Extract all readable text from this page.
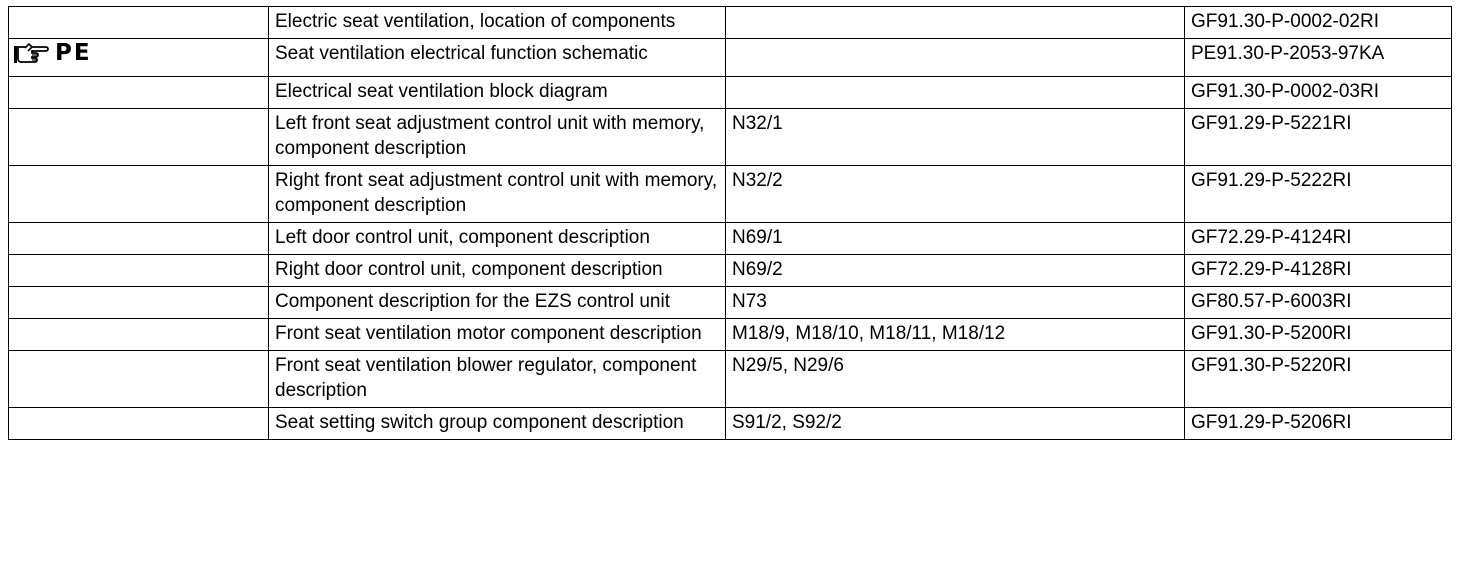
	Electric seat ventilation, location of components		GF91.30-P-0002-02RI

PE	Seat ventilation electrical function schematic		PE91.30-P-2053-97KA
	Electrical seat ventilation block diagram		GF91.30-P-0002-03RI
	Left front seat adjustment control unit with memory, component description	N32/1	GF91.29-P-5221RI
	Right front seat adjustment control unit with memory, component description	N32/2	GF91.29-P-5222RI
	Left door control unit, component description	N69/1	GF72.29-P-4124RI
	Right door control unit, component description	N69/2	GF72.29-P-4128RI
	Component description for the EZS control unit	N73	GF80.57-P-6003RI
	Front seat ventilation motor component description	M18/9, M18/10, M18/11, M18/12	GF91.30-P-5200RI
	Front seat ventilation blower regulator, component description	N29/5, N29/6	GF91.30-P-5220RI
	Seat setting switch group component description	S91/2, S92/2	GF91.29-P-5206RI
